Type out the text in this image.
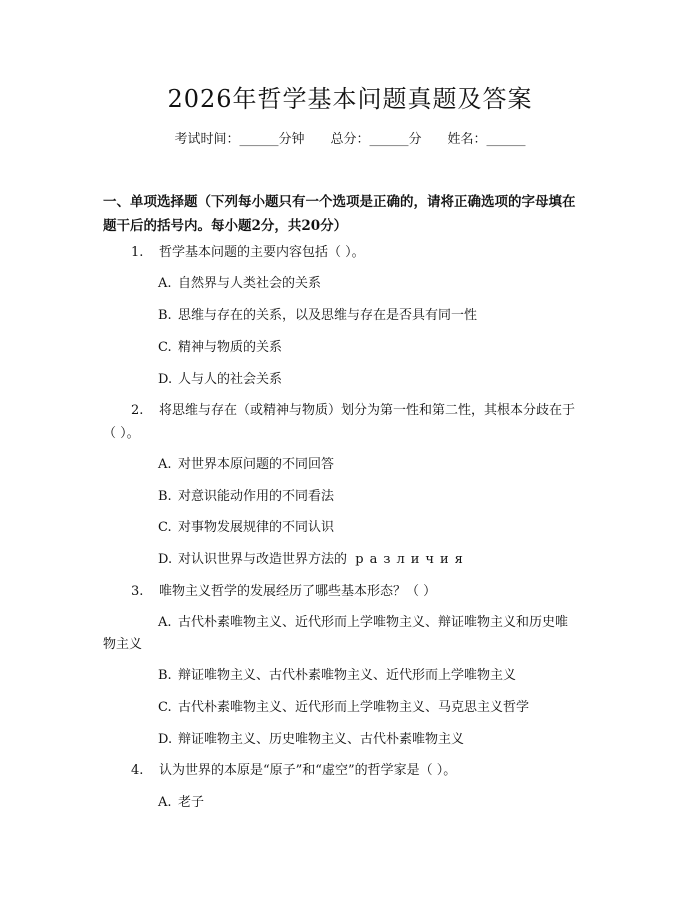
2026年哲学基本问题真题及答案
考试时间：______分钟 总分：______分 姓名：______
一、单项选择题（下列每小题只有一个选项是正确的，请将正确选项的字母填在
题干后的括号内。每小题2分，共20分）
1. 哲学基本问题的主要内容包括（ ）。
A. 自然界与人类社会的关系
B. 思维与存在的关系，以及思维与存在是否具有同一性
C. 精神与物质的关系
D. 人与人的社会关系
2. 将思维与存在（或精神与物质）划分为第一性和第二性，其根本分歧在于
（ ）。
A. 对世界本原问题的不同回答
B. 对意识能动作用的不同看法
C. 对事物发展规律的不同认识
D. 对认识世界与改造世界方法的 различия
3. 唯物主义哲学的发展经历了哪些基本形态？（ ）
A. 古代朴素唯物主义、近代形而上学唯物主义、辩证唯物主义和历史唯
物主义
B. 辩证唯物主义、古代朴素唯物主义、近代形而上学唯物主义
C. 古代朴素唯物主义、近代形而上学唯物主义、马克思主义哲学
D. 辩证唯物主义、历史唯物主义、古代朴素唯物主义
4. 认为世界的本原是“原子”和“虚空”的哲学家是（ ）。
A. 老子
